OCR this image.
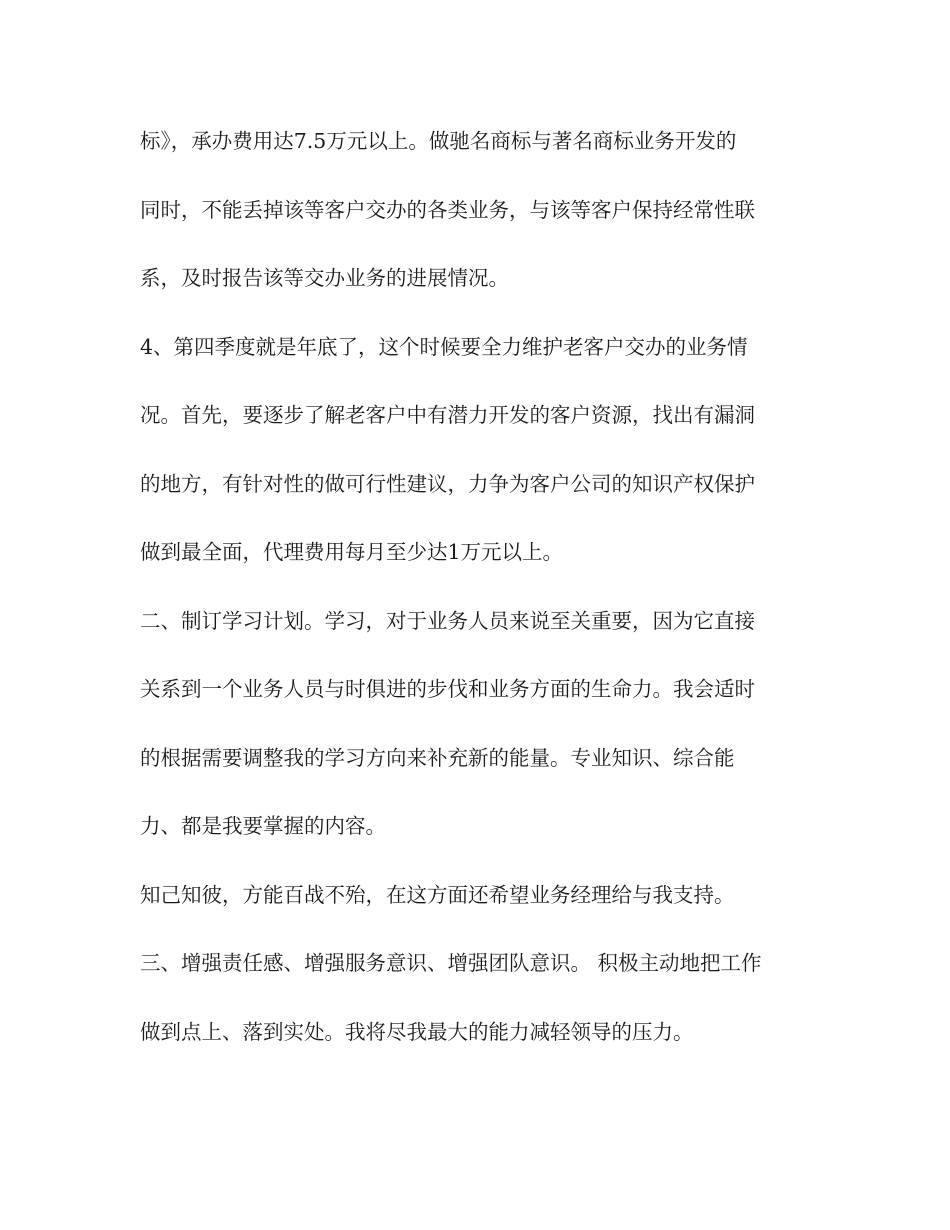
标》，承办费用达7.5万元以上。做驰名商标与著名商标业务开发的
同时，不能丢掉该等客户交办的各类业务，与该等客户保持经常性联
系，及时报告该等交办业务的进展情况。
4、第四季度就是年底了，这个时候要全力维护老客户交办的业务情
况。首先，要逐步了解老客户中有潜力开发的客户资源，找出有漏洞
的地方，有针对性的做可行性建议，力争为客户公司的知识产权保护
做到最全面，代理费用每月至少达1万元以上。
二、制订学习计划。学习，对于业务人员来说至关重要，因为它直接
关系到一个业务人员与时俱进的步伐和业务方面的生命力。我会适时
的根据需要调整我的学习方向来补充新的能量。专业知识、综合能
力、都是我要掌握的内容。
知己知彼，方能百战不殆，在这方面还希望业务经理给与我支持。
三、增强责任感、增强服务意识、增强团队意识。 积极主动地把工作
做到点上、落到实处。我将尽我最大的能力减轻领导的压力。
